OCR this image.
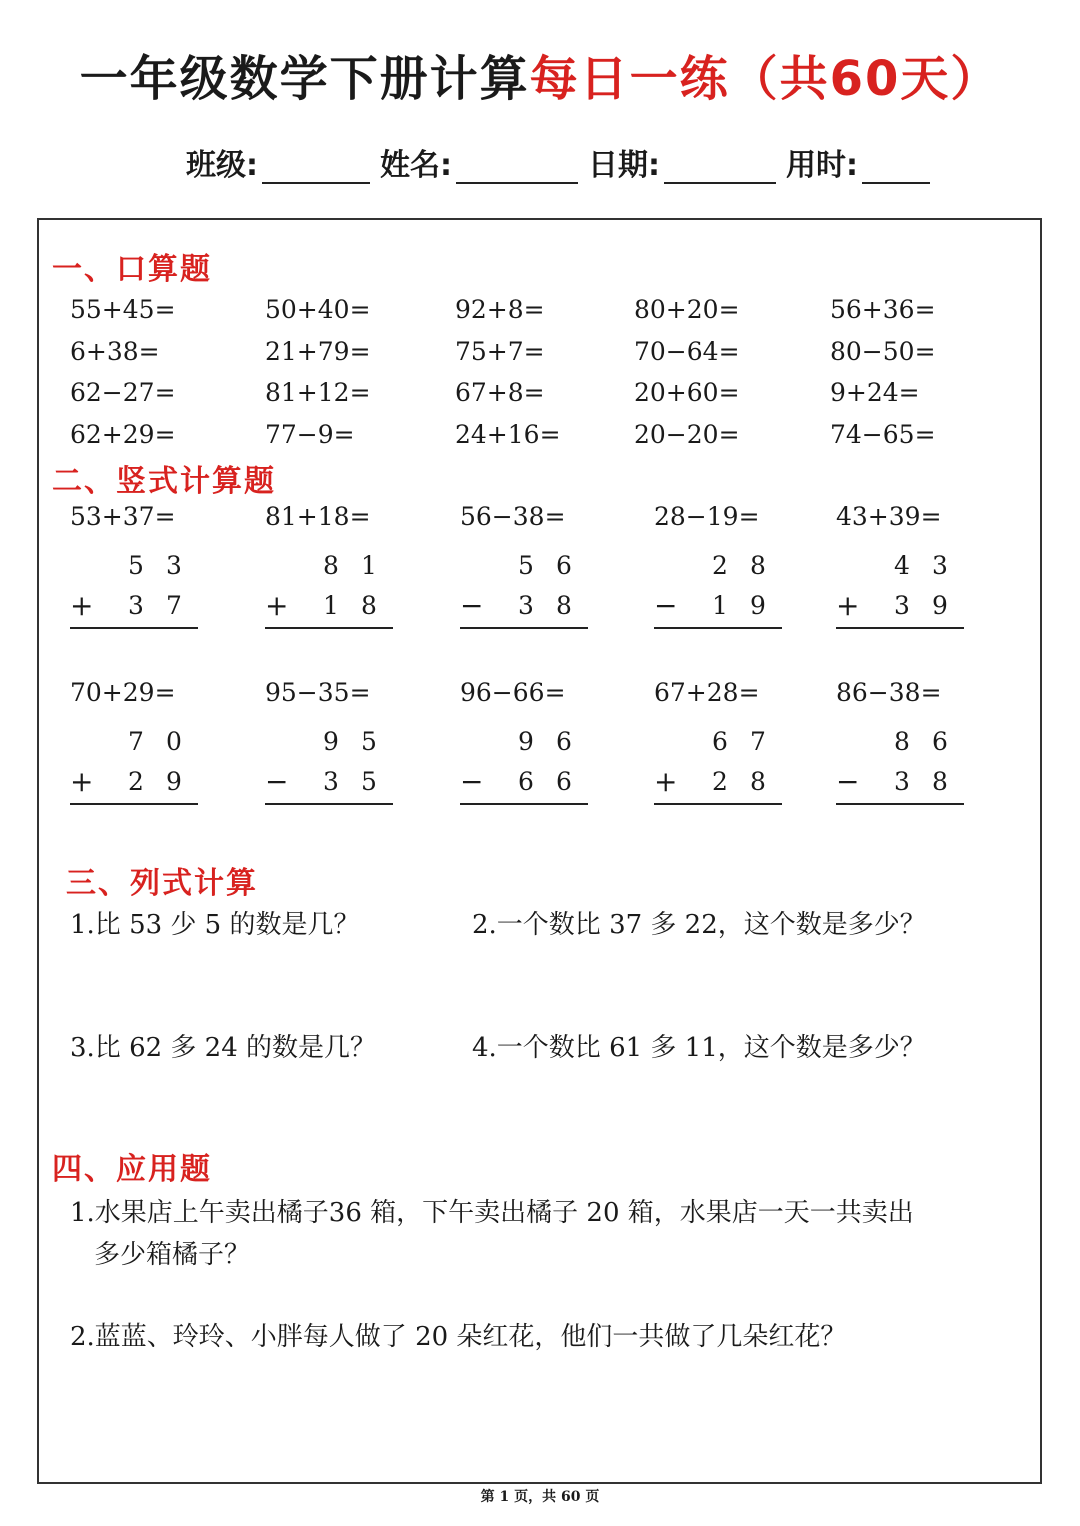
一年级数学下册计算每日一练（共60天）
班级:	姓名:	日期:	用时:
一、口算题
二、竖式计算题
三、列式计算
四、应用题
55+45=	50+40=	92+8=	80+20=	56+36=
6+38=	21+79=	75+7=	70−64=	80−50=
62−27=	81+12=	67+8=	20+60=	9+24=
62+29=	77−9=	24+16=	20−20=	74−65=
53+37=
5 3
+ 3 7
81+18=
8 1
+ 1 8
56−38=
5 6
− 3 8
28−19=
2 8
− 1 9
43+39=
4 3
+ 3 9
70+29=
7 0
+ 2 9
95−35=
9 5
− 3 5
96−66=
9 6
− 6 6
67+28=
6 7
+ 2 8
86−38=
8 6
− 3 8
1.比 53 少 5 的数是几？	2.一个数比 37 多 22，这个数是多少？
3.比 62 多 24 的数是几？	4.一个数比 61 多 11，这个数是多少？
1.水果店上午卖出橘子36 箱，下午卖出橘子 20 箱，水果店一天一共卖出
多少箱橘子？
2.蓝蓝、玲玲、小胖每人做了 20 朵红花，他们一共做了几朵红花？
第 1 页，共 60 页
